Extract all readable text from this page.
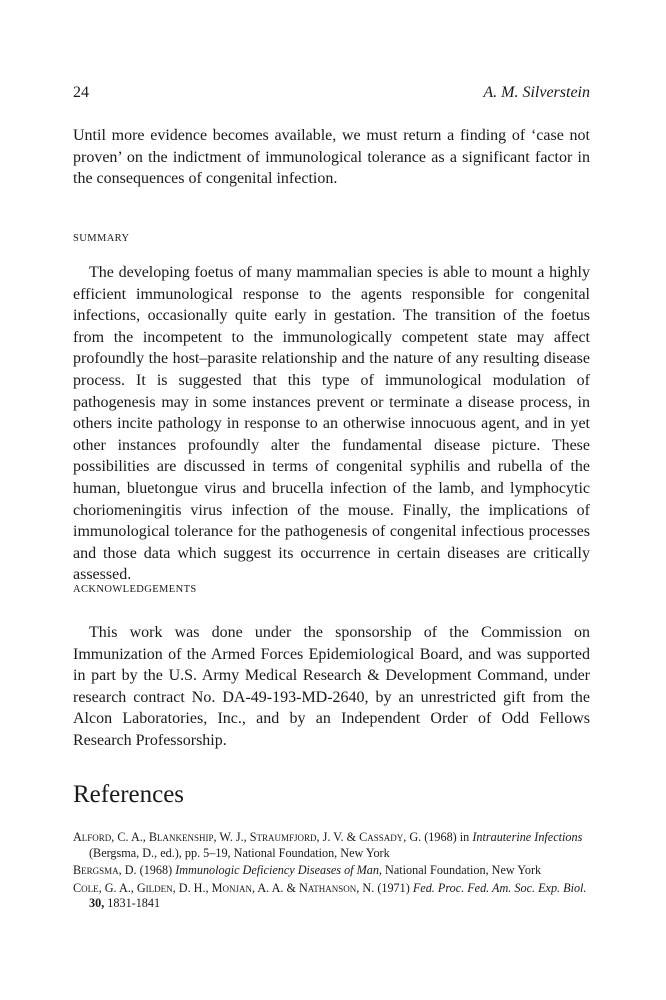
24	A. M. Silverstein

Until more evidence becomes available, we must return a finding of ‘case not proven’ on the indictment of immunological tolerance as a significant factor in the consequences of congenital infection.

SUMMARY

The developing foetus of many mammalian species is able to mount a highly efficient immunological response to the agents responsible for congenital infections, occasionally quite early in gestation. The transition of the foetus from the incompetent to the immunologically competent state may affect profoundly the host–parasite relationship and the nature of any resulting disease process. It is suggested that this type of immunological modulation of pathogenesis may in some instances prevent or terminate a disease process, in others incite pathology in response to an otherwise innocuous agent, and in yet other instances profoundly alter the fundamental disease picture. These possibilities are discussed in terms of congenital syphilis and rubella of the human, bluetongue virus and brucella infection of the lamb, and lymphocytic choriomeningitis virus infection of the mouse. Finally, the implications of immunological tolerance for the pathogenesis of congenital infectious processes and those data which suggest its occurrence in certain diseases are critically assessed.

ACKNOWLEDGEMENTS

This work was done under the sponsorship of the Commission on Immunization of the Armed Forces Epidemiological Board, and was supported in part by the U.S. Army Medical Research & Development Command, under research contract No. DA-49-193-MD-2640, by an unrestricted gift from the Alcon Laboratories, Inc., and by an Independent Order of Odd Fellows Research Professorship.

References

Alford, C. A., Blankenship, W. J., Straumfjord, J. V. & Cassady, G. (1968) in Intrauterine Infections (Bergsma, D., ed.), pp. 5–19, National Foundation, New York

Bergsma, D. (1968) Immunologic Deficiency Diseases of Man, National Foundation, New York

Cole, G. A., Gilden, D. H., Monjan, A. A. & Nathanson, N. (1971) Fed. Proc. Fed. Am. Soc. Exp. Biol. 30, 1831-1841
